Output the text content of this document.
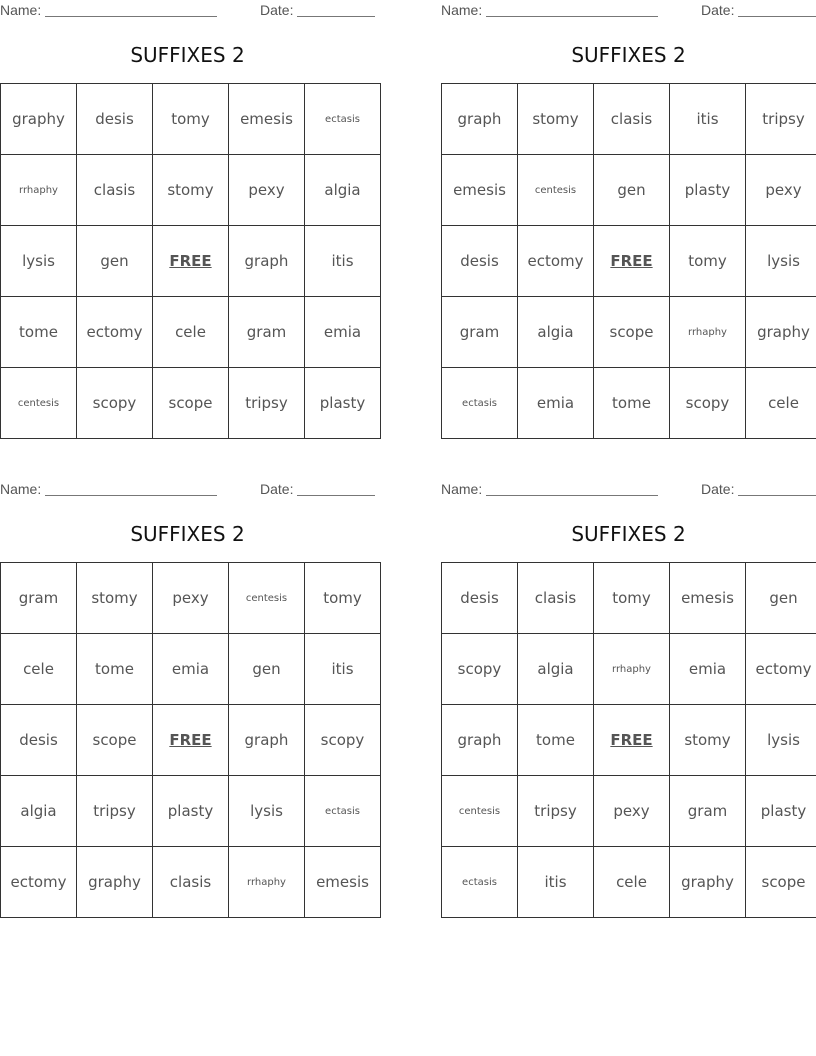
Name:	Date:
SUFFIXES 2
graphy	desis	tomy	emesis	ectasis
rrhaphy	clasis	stomy	pexy	algia
lysis	gen	FREE	graph	itis
tome	ectomy	cele	gram	emia
centesis	scopy	scope	tripsy	plasty
Name:	Date:
SUFFIXES 2
graph	stomy	clasis	itis	tripsy
emesis	centesis	gen	plasty	pexy
desis	ectomy	FREE	tomy	lysis
gram	algia	scope	rrhaphy	graphy
ectasis	emia	tome	scopy	cele
Name:	Date:
SUFFIXES 2
gram	stomy	pexy	centesis	tomy
cele	tome	emia	gen	itis
desis	scope	FREE	graph	scopy
algia	tripsy	plasty	lysis	ectasis
ectomy	graphy	clasis	rrhaphy	emesis
Name:	Date:
SUFFIXES 2
desis	clasis	tomy	emesis	gen
scopy	algia	rrhaphy	emia	ectomy
graph	tome	FREE	stomy	lysis
centesis	tripsy	pexy	gram	plasty
ectasis	itis	cele	graphy	scope
